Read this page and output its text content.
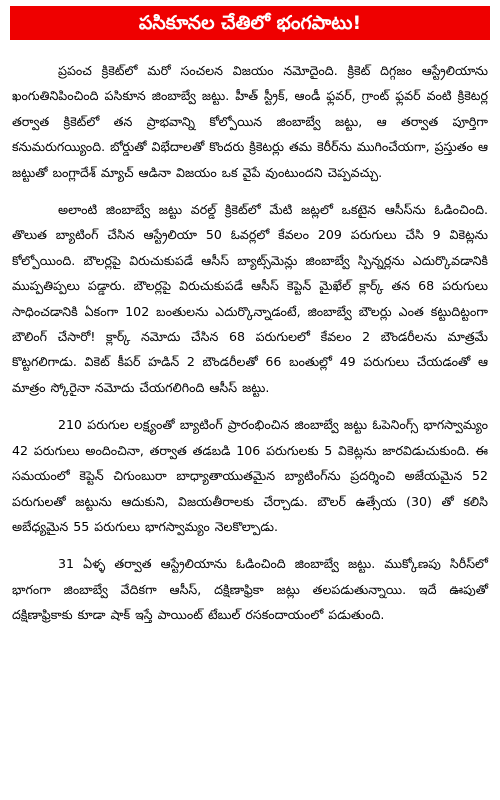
పసికూనల చేతిలో భంగపాటు!

ప్రపంచ క్రికెట్‌లో మరో సంచలన విజయం నమోదైంది. క్రికెట్ దిగ్గజం ఆస్ట్రేలియాను ఖంగుతినిపించింది పసికూన జింబాబ్వే జట్టు. హీత్ స్ట్రీక్, ఆండీ ఫ్లవర్, గ్రాంట్ ఫ్లవర్ వంటి క్రికెటర్ల తర్వాత క్రికెట్‌లో తన ప్రాభవాన్ని కోల్పోయిన జింబాబ్వే జట్టు, ఆ తర్వాత పూర్తిగా కనుమరుగయ్యింది. బోర్డుతో విభేదాలతో కొందరు క్రికెటర్లు తమ కెరీర్‌ను ముగించేయగా, ప్రస్తుతం ఆ జట్టుతో బంగ్లాదేశ్ మ్యాచ్ ఆడినా విజయం ఒక వైపే వుంటుందని చెప్పవచ్చు.

అలాంటి జింబాబ్వే జట్టు వరల్డ్ క్రికెట్‌లో మేటి జట్లలో ఒకటైన ఆసీస్‌ను ఓడించింది. తొలుత బ్యాటింగ్ చేసిన ఆస్ట్రేలియా 50 ఓవర్లలో కేవలం 209 పరుగులు చేసి 9 వికెట్లను కోల్పోయింది. బౌలర్లపై విరుచుకుపడే ఆసీస్ బ్యాట్స్‌మెన్లు జింబాబ్వే స్పిన్నర్లను ఎదుర్కొవడానికి ముప్పతిప్పలు పడ్డారు. బౌలర్లపై విరుచుకుపడే ఆసీస్ కెప్టెన్ మైఖేల్ క్లార్క్ తన 68 పరుగులు సాధించడానికి ఏకంగా 102 బంతులను ఎదుర్కొన్నాడంటే, జింబాబ్వే బౌలర్లు ఎంత కట్టుదిట్టంగా బౌలింగ్ చేసారో! క్లార్క్ నమోదు చేసిన 68 పరుగులలో కేవలం 2 బౌండరీలను మాత్రమే కొట్టగలిగాడు. వికెట్ కీపర్ హడిన్ 2 బౌండరీలతో 66 బంతుల్లో 49 పరుగులు చేయడంతో ఆ మాత్రం స్కోరైనా నమోదు చేయగలిగింది ఆసీస్ జట్టు.

210 పరుగుల లక్ష్యంతో బ్యాటింగ్ ప్రారంభించిన జింబాబ్వే జట్టు ఓపెనింగ్స్ భాగస్వామ్యం 42 పరుగులు అందించినా, తర్వాత తడబడి 106 పరుగులకు 5 వికెట్లను జారవిడుచుకుంది. ఈ సమయంలో కెప్టెన్ చిగుంబురా బాధ్యాతాయుతమైన బ్యాటింగ్‌ను ప్రదర్శించి అజేయమైన 52 పరుగులతో జట్టును ఆదుకుని, విజయతీరాలకు చేర్చాడు. బౌలర్ ఉత్సేయ (30) తో కలిసి అబేధ్యమైన 55 పరుగులు భాగస్వామ్యం నెలకొల్పాడు.

31 ఏళ్ళ తర్వాత ఆస్ట్రేలియాను ఓడించింది జింబాబ్వే జట్టు. ముక్కోణపు సిరీస్‌లో భాగంగా జింబాబ్వే వేదికగా ఆసీస్, దక్షిణాఫ్రికా జట్లు తలపడుతున్నాయి. ఇదే ఊపుతో దక్షిణాఫ్రికాకు కూడా షాక్ ఇస్తే పాయింట్ టేబుల్ రసకందాయంలో పడుతుంది.
